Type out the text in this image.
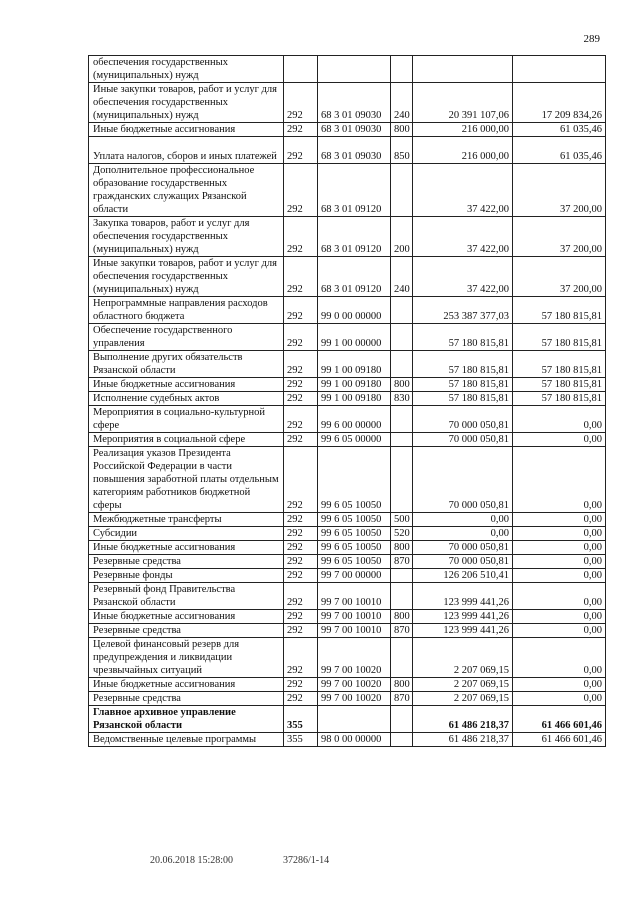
289
обеспечения государственных (муниципальных) нужд					
Иные закупки товаров, работ и услуг для обеспечения государственных (муниципальных) нужд	292	68 3 01 09030	240	20 391 107,06	17 209 834,26
Иные бюджетные ассигнования	292	68 3 01 09030	800	216 000,00	61 035,46
Уплата налогов, сборов и иных платежей	292	68 3 01 09030	850	216 000,00	61 035,46
Дополнительное профессиональное образование государственных гражданских служащих Рязанской области	292	68 3 01 09120		37 422,00	37 200,00
Закупка товаров, работ и услуг для обеспечения государственных (муниципальных) нужд	292	68 3 01 09120	200	37 422,00	37 200,00
Иные закупки товаров, работ и услуг для обеспечения государственных (муниципальных) нужд	292	68 3 01 09120	240	37 422,00	37 200,00
Непрограммные направления расходов областного бюджета	292	99 0 00 00000		253 387 377,03	57 180 815,81
Обеспечение государственного управления	292	99 1 00 00000		57 180 815,81	57 180 815,81
Выполнение других обязательств Рязанской области	292	99 1 00 09180		57 180 815,81	57 180 815,81
Иные бюджетные ассигнования	292	99 1 00 09180	800	57 180 815,81	57 180 815,81
Исполнение судебных актов	292	99 1 00 09180	830	57 180 815,81	57 180 815,81
Мероприятия в социально-культурной сфере	292	99 6 00 00000		70 000 050,81	0,00
Мероприятия в социальной сфере	292	99 6 05 00000		70 000 050,81	0,00
Реализация указов Президента Российской Федерации в части повышения заработной платы отдельным категориям работников бюджетной сферы	292	99 6 05 10050		70 000 050,81	0,00
Межбюджетные трансферты	292	99 6 05 10050	500	0,00	0,00
Субсидии	292	99 6 05 10050	520	0,00	0,00
Иные бюджетные ассигнования	292	99 6 05 10050	800	70 000 050,81	0,00
Резервные средства	292	99 6 05 10050	870	70 000 050,81	0,00
Резервные фонды	292	99 7 00 00000		126 206 510,41	0,00
Резервный фонд Правительства Рязанской области	292	99 7 00 10010		123 999 441,26	0,00
Иные бюджетные ассигнования	292	99 7 00 10010	800	123 999 441,26	0,00
Резервные средства	292	99 7 00 10010	870	123 999 441,26	0,00
Целевой финансовый резерв для предупреждения и ликвидации чрезвычайных ситуаций	292	99 7 00 10020		2 207 069,15	0,00
Иные бюджетные ассигнования	292	99 7 00 10020	800	2 207 069,15	0,00
Резервные средства	292	99 7 00 10020	870	2 207 069,15	0,00
Главное архивное управление Рязанской области	355			61 486 218,37	61 466 601,46
Ведомственные целевые программы	355	98 0 00 00000		61 486 218,37	61 466 601,46
20.06.2018 15:28:00	37286/1-14
